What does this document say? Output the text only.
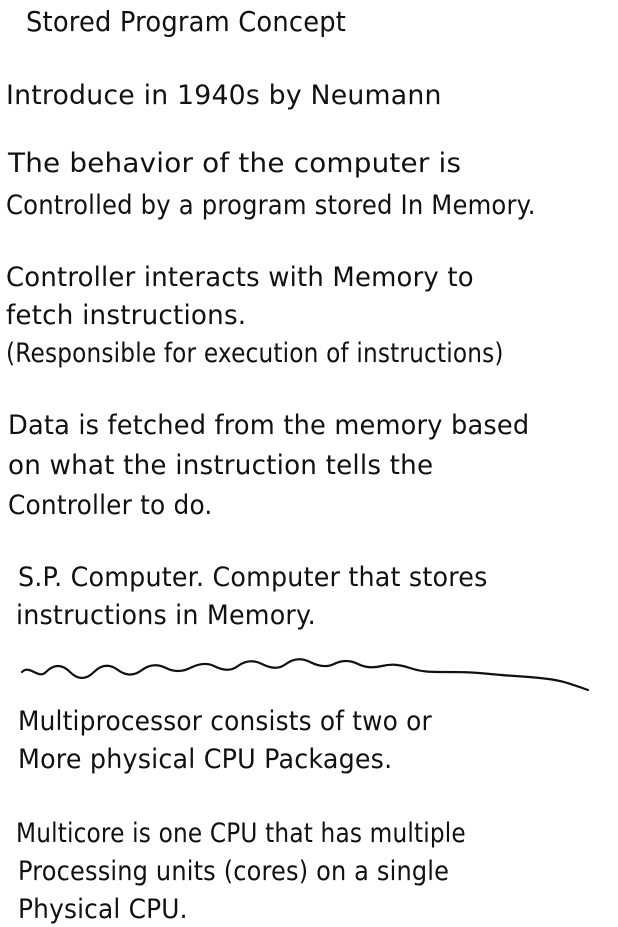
Stored Program Concept
Introduce in 1940s by Neumann
The behavior of the computer is
Controlled by a program stored In Memory.
Controller interacts with Memory to
fetch instructions.
(Responsible for execution of instructions)
Data is fetched from the memory based
on what the instruction tells the
Controller to do.
S.P. Computer. Computer that stores
instructions in Memory.
Multiprocessor consists of two or
More physical CPU Packages.
Multicore is one CPU that has multiple
Processing units (cores) on a single
Physical CPU.
